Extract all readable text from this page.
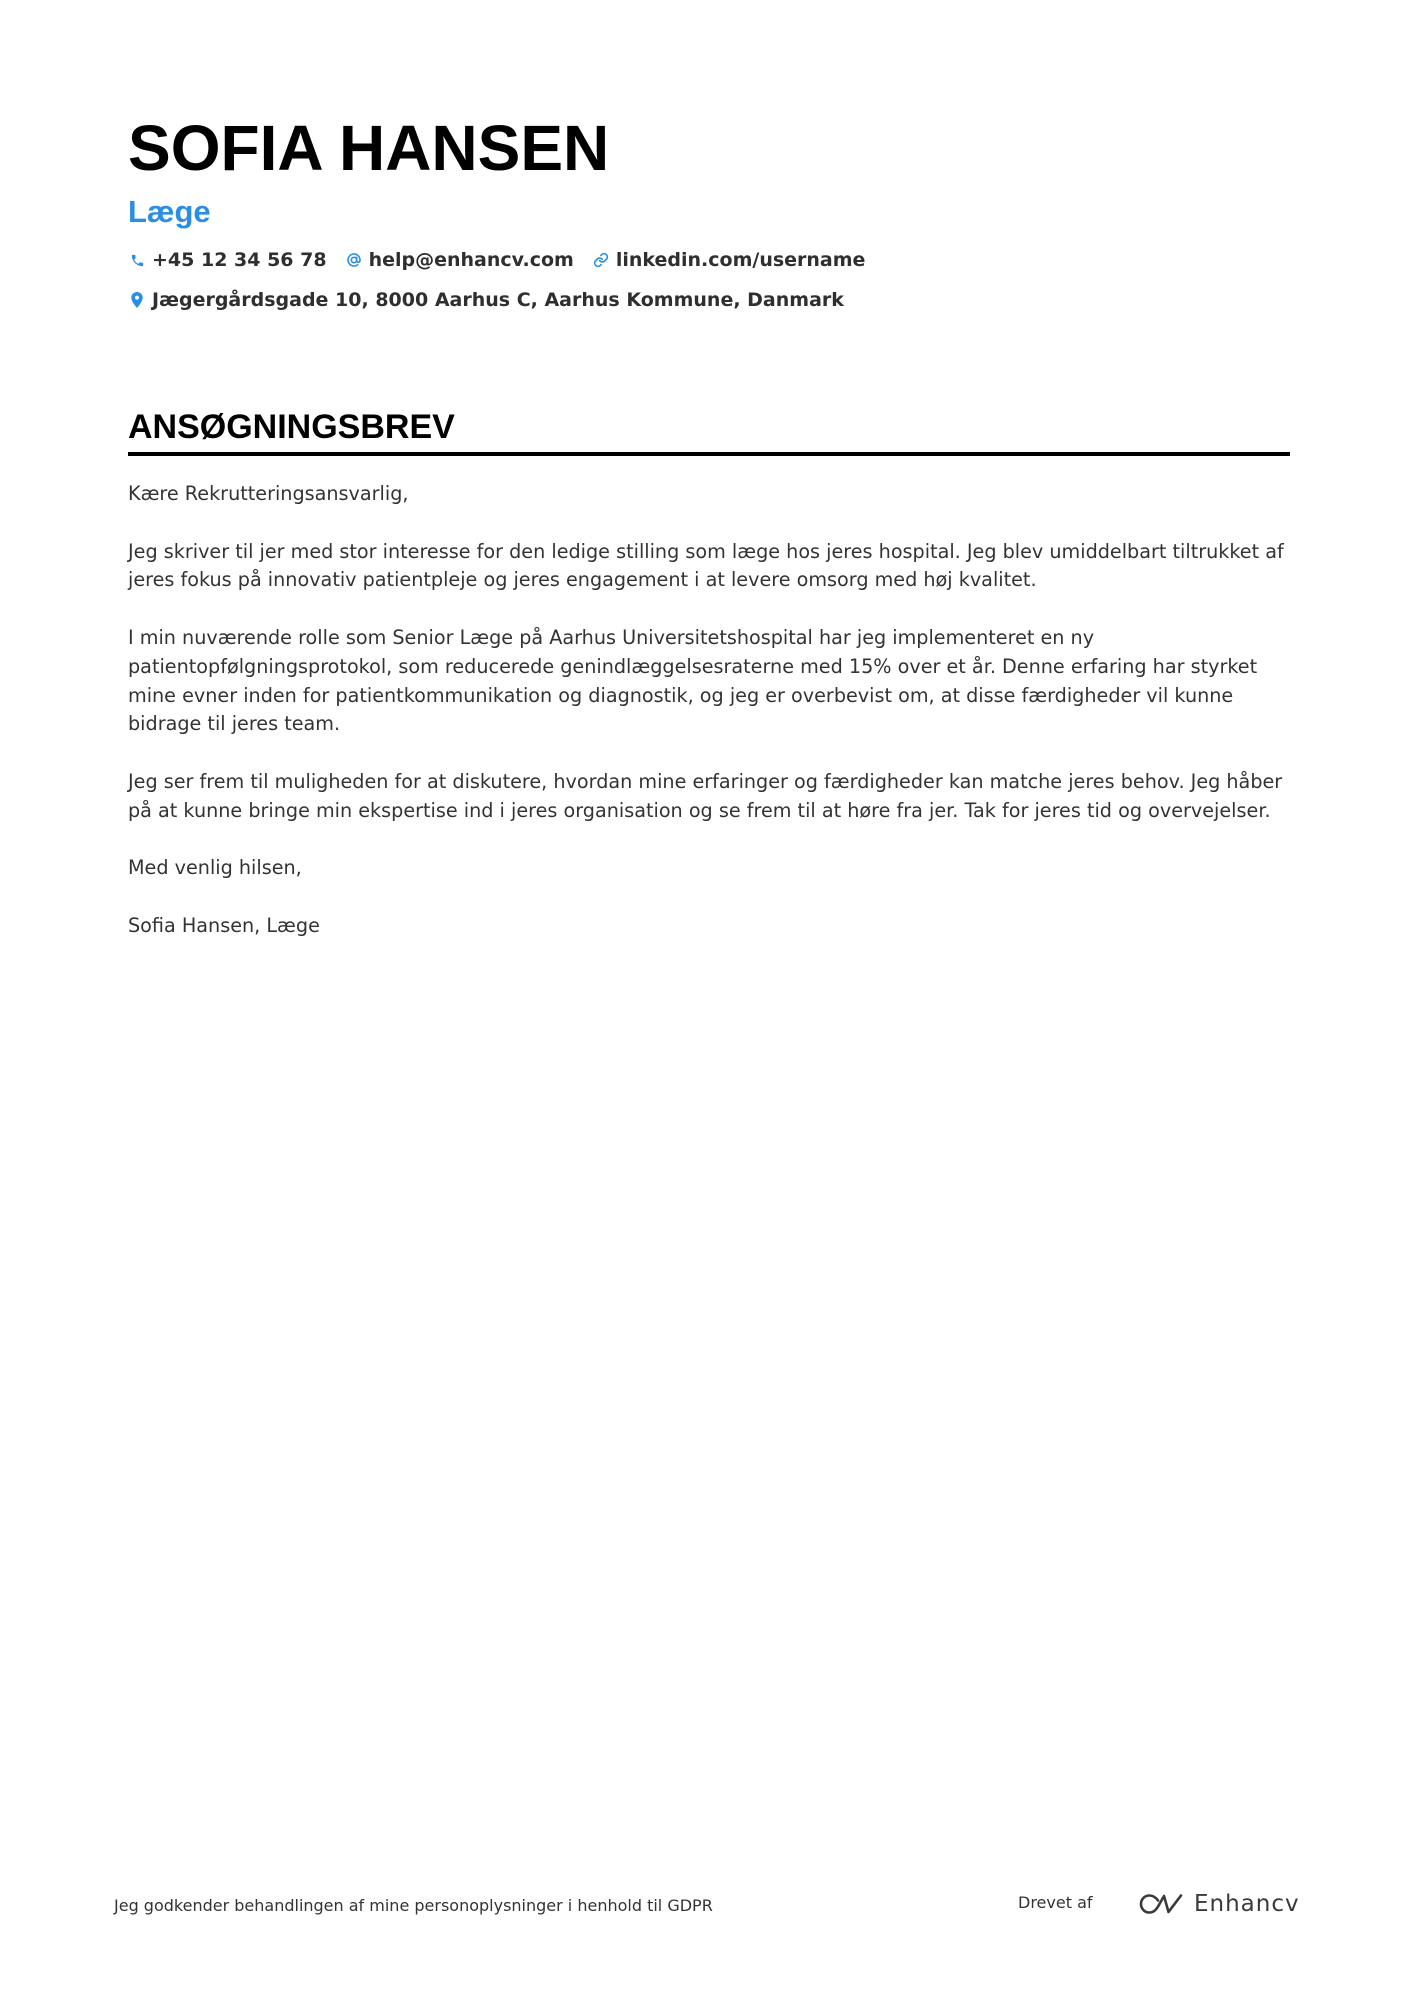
SOFIA HANSEN
Læge
+45 12 34 56 78 help@enhancv.com linkedin.com/username
Jægergårdsgade 10, 8000 Aarhus C, Aarhus Kommune, Danmark
ANSØGNINGSBREV

Kære Rekrutteringsansvarlig,

Jeg skriver til jer med stor interesse for den ledige stilling som læge hos jeres hospital. Jeg blev umiddelbart tiltrukket af jeres fokus på innovativ patientpleje og jeres engagement i at levere omsorg med høj kvalitet.

I min nuværende rolle som Senior Læge på Aarhus Universitetshospital har jeg implementeret en ny patientopfølgningsprotokol, som reducerede genindlæggelsesraterne med 15% over et år. Denne erfaring har styrket mine evner inden for patientkommunikation og diagnostik, og jeg er overbevist om, at disse færdigheder vil kunne bidrage til jeres team.

Jeg ser frem til muligheden for at diskutere, hvordan mine erfaringer og færdigheder kan matche jeres behov. Jeg håber på at kunne bringe min ekspertise ind i jeres organisation og se frem til at høre fra jer. Tak for jeres tid og overvejelser.

Med venlig hilsen,

Sofia Hansen, Læge

Jeg godkender behandlingen af mine personoplysninger i henhold til GDPR	Drevet af	Enhancv
